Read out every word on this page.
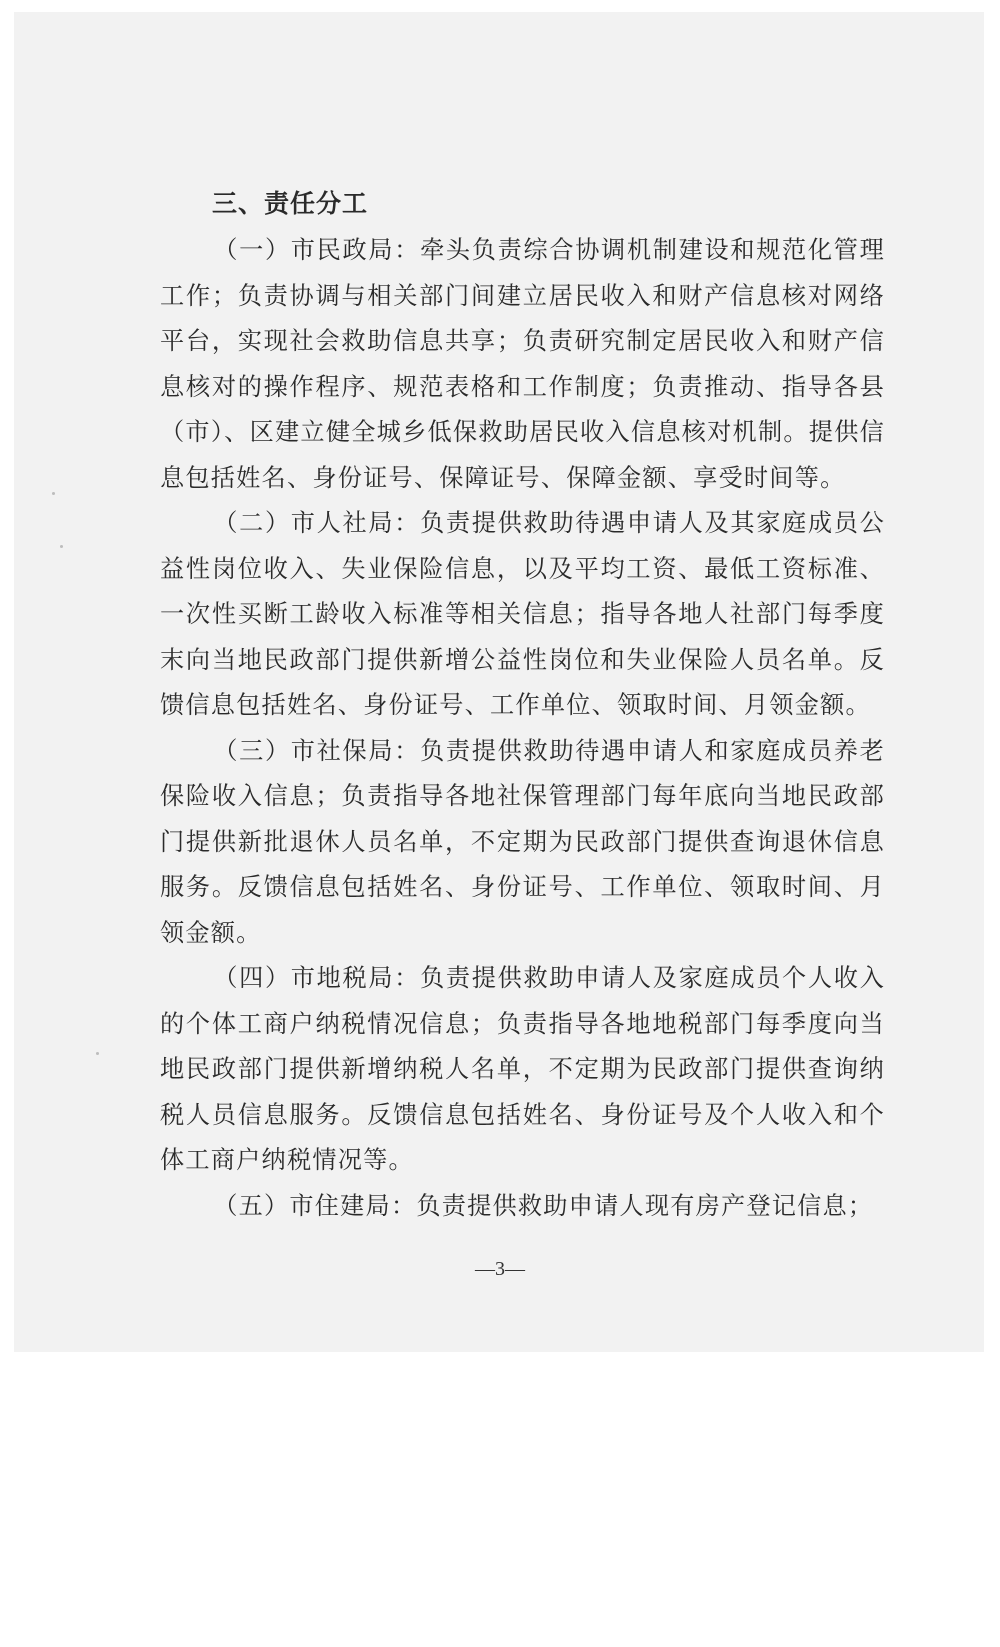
三、责任分工

（一）市民政局：牵头负责综合协调机制建设和规范化管理工作；负责协调与相关部门间建立居民收入和财产信息核对网络平台，实现社会救助信息共享；负责研究制定居民收入和财产信息核对的操作程序、规范表格和工作制度；负责推动、指导各县（市）、区建立健全城乡低保救助居民收入信息核对机制。提供信息包括姓名、身份证号、保障证号、保障金额、享受时间等。

（二）市人社局：负责提供救助待遇申请人及其家庭成员公益性岗位收入、失业保险信息，以及平均工资、最低工资标准、一次性买断工龄收入标准等相关信息；指导各地人社部门每季度末向当地民政部门提供新增公益性岗位和失业保险人员名单。反馈信息包括姓名、身份证号、工作单位、领取时间、月领金额。

（三）市社保局：负责提供救助待遇申请人和家庭成员养老保险收入信息；负责指导各地社保管理部门每年底向当地民政部门提供新批退休人员名单，不定期为民政部门提供查询退休信息服务。反馈信息包括姓名、身份证号、工作单位、领取时间、月领金额。

（四）市地税局：负责提供救助申请人及家庭成员个人收入的个体工商户纳税情况信息；负责指导各地地税部门每季度向当地民政部门提供新增纳税人名单，不定期为民政部门提供查询纳税人员信息服务。反馈信息包括姓名、身份证号及个人收入和个体工商户纳税情况等。

（五）市住建局：负责提供救助申请人现有房产登记信息；

—3—
